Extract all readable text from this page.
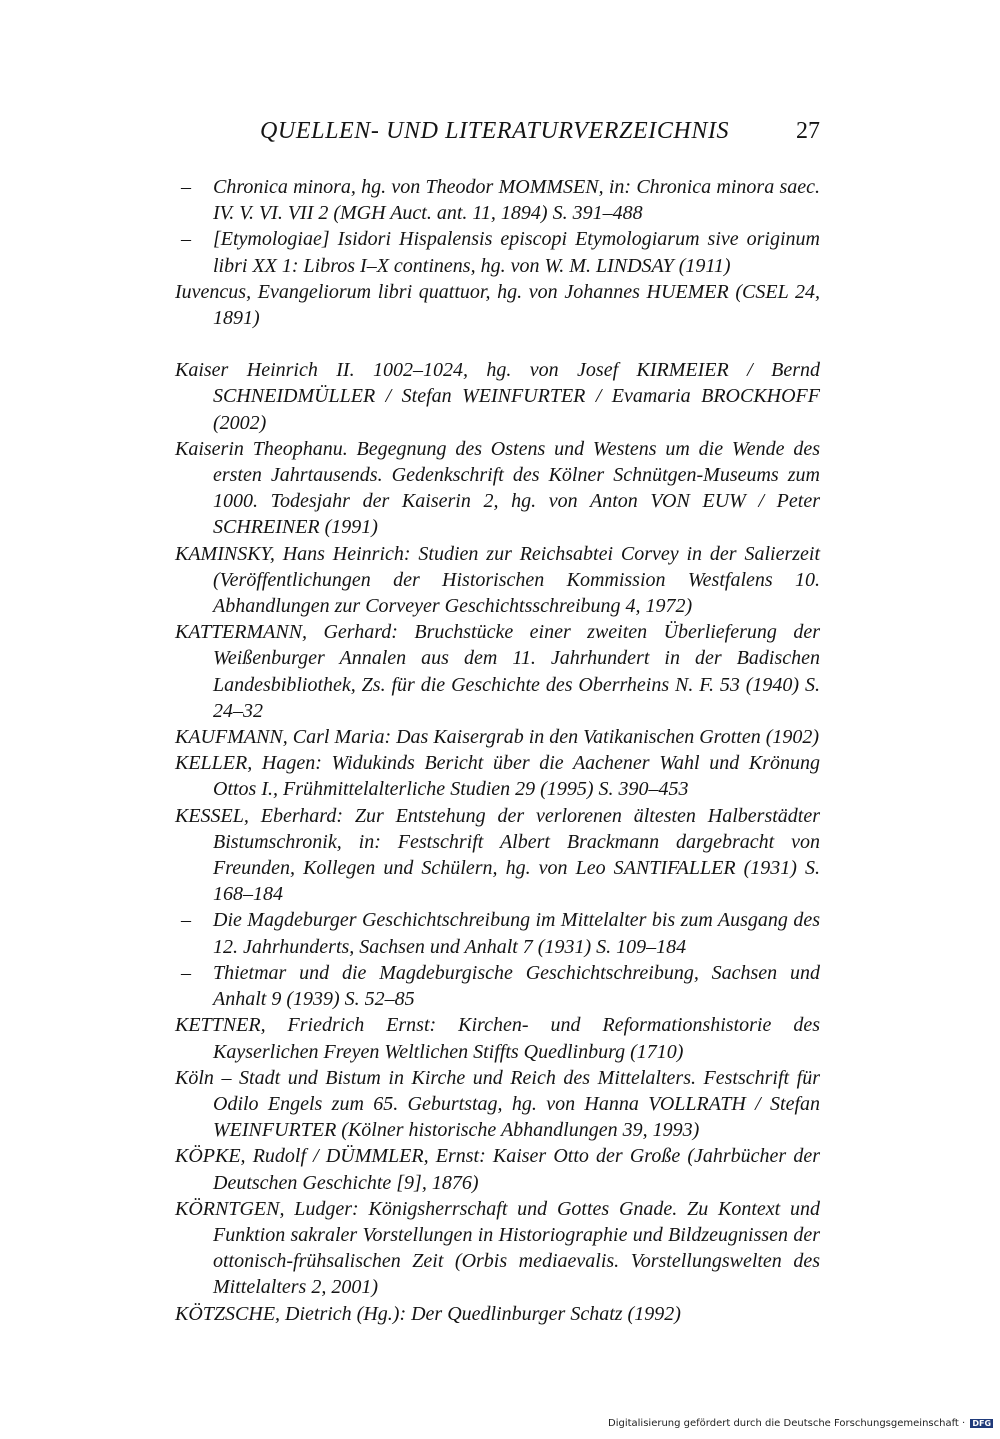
QUELLEN- UND LITERATURVERZEICHNIS	27
– Chronica minora, hg. von Theodor MOMMSEN, in: Chronica minora saec. IV. V. VI. VII 2 (MGH Auct. ant. 11, 1894) S. 391–488
– [Etymologiae] Isidori Hispalensis episcopi Etymologiarum sive originum libri XX 1: Libros I–X continens, hg. von W. M. LINDSAY (1911)
Iuvencus, Evangeliorum libri quattuor, hg. von Johannes HUEMER (CSEL 24, 1891)
Kaiser Heinrich II. 1002–1024, hg. von Josef KIRMEIER / Bernd SCHNEIDMÜLLER / Stefan WEINFURTER / Evamaria BROCKHOFF (2002)
Kaiserin Theophanu. Begegnung des Ostens und Westens um die Wende des ersten Jahrtausends. Gedenkschrift des Kölner Schnütgen-Museums zum 1000. Todesjahr der Kaiserin 2, hg. von Anton VON EUW / Peter SCHREINER (1991)
KAMINSKY, Hans Heinrich: Studien zur Reichsabtei Corvey in der Salierzeit (Veröffentlichungen der Historischen Kommission Westfalens 10. Abhandlungen zur Corveyer Geschichtsschreibung 4, 1972)
KATTERMANN, Gerhard: Bruchstücke einer zweiten Überlieferung der Weißenburger Annalen aus dem 11. Jahrhundert in der Badischen Landesbibliothek, Zs. für die Geschichte des Oberrheins N. F. 53 (1940) S. 24–32
KAUFMANN, Carl Maria: Das Kaisergrab in den Vatikanischen Grotten (1902)
KELLER, Hagen: Widukinds Bericht über die Aachener Wahl und Krönung Ottos I., Frühmittelalterliche Studien 29 (1995) S. 390–453
KESSEL, Eberhard: Zur Entstehung der verlorenen ältesten Halberstädter Bistumschronik, in: Festschrift Albert Brackmann dargebracht von Freunden, Kollegen und Schülern, hg. von Leo SANTIFALLER (1931) S. 168–184
– Die Magdeburger Geschichtschreibung im Mittelalter bis zum Ausgang des 12. Jahrhunderts, Sachsen und Anhalt 7 (1931) S. 109–184
– Thietmar und die Magdeburgische Geschichtschreibung, Sachsen und Anhalt 9 (1939) S. 52–85
KETTNER, Friedrich Ernst: Kirchen- und Reformationshistorie des Kayserlichen Freyen Weltlichen Stiffts Quedlinburg (1710)
Köln – Stadt und Bistum in Kirche und Reich des Mittelalters. Festschrift für Odilo Engels zum 65. Geburtstag, hg. von Hanna VOLLRATH / Stefan WEINFURTER (Kölner historische Abhandlungen 39, 1993)
KÖPKE, Rudolf / DÜMMLER, Ernst: Kaiser Otto der Große (Jahrbücher der Deutschen Geschichte [9], 1876)
KÖRNTGEN, Ludger: Königsherrschaft und Gottes Gnade. Zu Kontext und Funktion sakraler Vorstellungen in Historiographie und Bildzeugnissen der ottonisch-frühsalischen Zeit (Orbis mediaevalis. Vorstellungswelten des Mittelalters 2, 2001)
KÖTZSCHE, Dietrich (Hg.): Der Quedlinburger Schatz (1992)
Digitalisierung gefördert durch die Deutsche Forschungsgemeinschaft · DFG
